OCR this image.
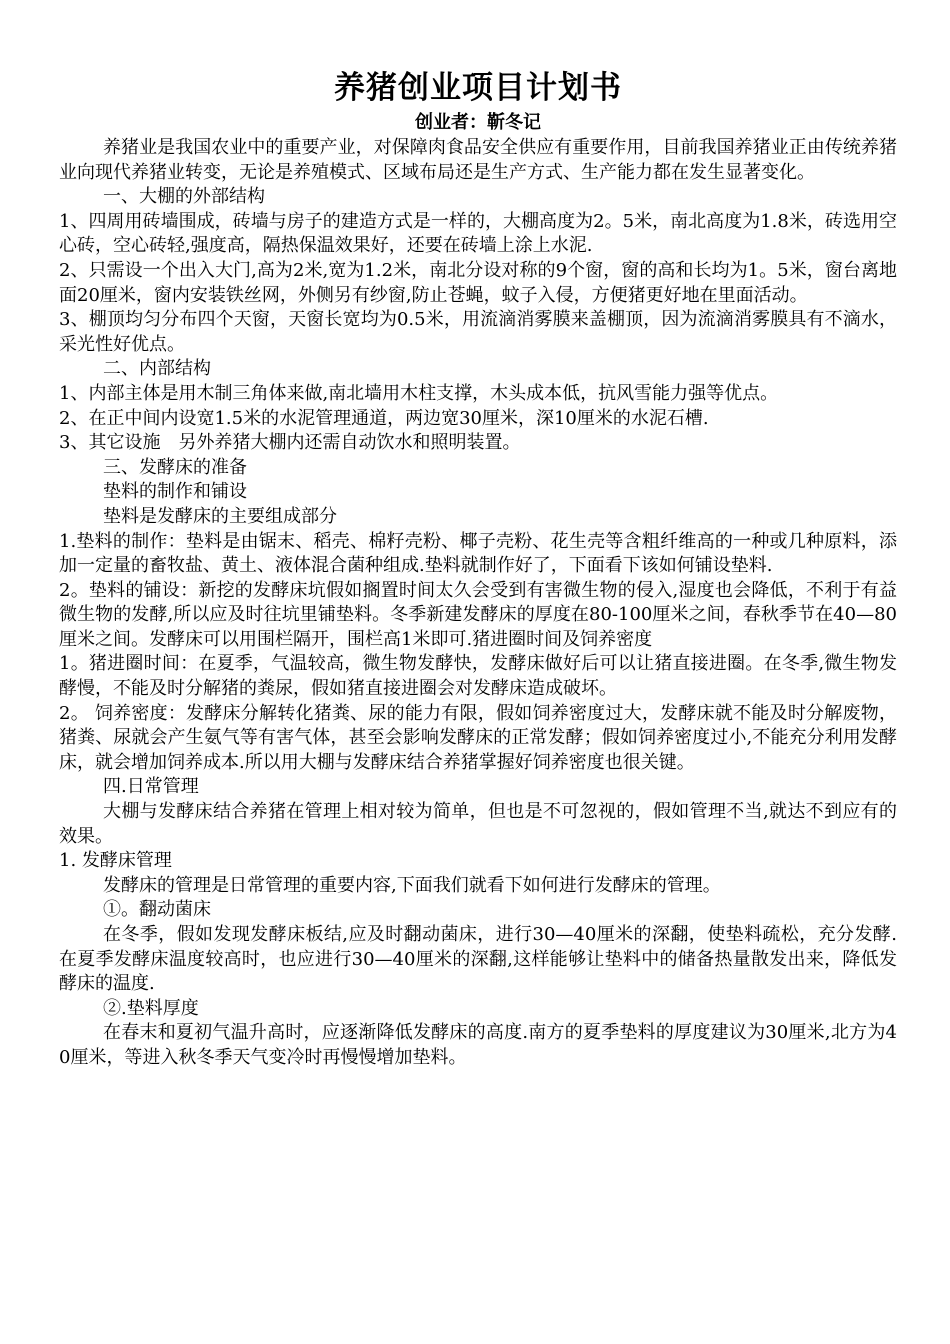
养猪创业项目计划书
创业者：靳冬记

养猪业是我国农业中的重要产业，对保障肉食品安全供应有重要作用，目前我国养猪业正由传统养猪业向现代养猪业转变，无论是养殖模式、区域布局还是生产方式、生产能力都在发生显著变化。

一、大棚的外部结构

1、四周用砖墙围成，砖墙与房子的建造方式是一样的，大棚高度为2。5米，南北高度为1.8米，砖选用空心砖，空心砖轻,强度高，隔热保温效果好，还要在砖墙上涂上水泥.

2、只需设一个出入大门,高为2米,宽为1.2米，南北分设对称的9个窗，窗的高和长均为1。5米，窗台离地面20厘米，窗内安装铁丝网，外侧另有纱窗,防止苍蝇，蚊子入侵，方便猪更好地在里面活动。

3、棚顶均匀分布四个天窗，天窗长宽均为0.5米，用流滴消雾膜来盖棚顶，因为流滴消雾膜具有不滴水，采光性好优点。

二、内部结构

1、内部主体是用木制三角体来做,南北墙用木柱支撑，木头成本低，抗风雪能力强等优点。

2、在正中间内设宽1.5米的水泥管理通道，两边宽30厘米，深10厘米的水泥石槽.

3、其它设施　另外养猪大棚内还需自动饮水和照明装置。

三、发酵床的准备

垫料的制作和铺设

垫料是发酵床的主要组成部分

1.垫料的制作：垫料是由锯末、稻壳、棉籽壳粉、椰子壳粉、花生壳等含粗纤维高的一种或几种原料，添加一定量的畜牧盐、黄土、液体混合菌种组成.垫料就制作好了，下面看下该如何铺设垫料.

2。垫料的铺设：新挖的发酵床坑假如搁置时间太久会受到有害微生物的侵入,湿度也会降低，不利于有益微生物的发酵,所以应及时往坑里铺垫料。冬季新建发酵床的厚度在80-100厘米之间，春秋季节在40—80厘米之间。发酵床可以用围栏隔开，围栏高1米即可.猪进圈时间及饲养密度

1。猪进圈时间：在夏季，气温较高，微生物发酵快，发酵床做好后可以让猪直接进圈。在冬季,微生物发酵慢，不能及时分解猪的粪尿，假如猪直接进圈会对发酵床造成破坏。

2。 饲养密度：发酵床分解转化猪粪、尿的能力有限，假如饲养密度过大，发酵床就不能及时分解废物，猪粪、尿就会产生氨气等有害气体，甚至会影响发酵床的正常发酵；假如饲养密度过小,不能充分利用发酵床，就会增加饲养成本.所以用大棚与发酵床结合养猪掌握好饲养密度也很关键。

四.日常管理

大棚与发酵床结合养猪在管理上相对较为简单，但也是不可忽视的，假如管理不当,就达不到应有的效果。

1. 发酵床管理

发酵床的管理是日常管理的重要内容,下面我们就看下如何进行发酵床的管理。

①。翻动菌床

在冬季，假如发现发酵床板结,应及时翻动菌床，进行30—40厘米的深翻，使垫料疏松，充分发酵.在夏季发酵床温度较高时，也应进行30—40厘米的深翻,这样能够让垫料中的储备热量散发出来，降低发酵床的温度.

②.垫料厚度

在春末和夏初气温升高时，应逐渐降低发酵床的高度.南方的夏季垫料的厚度建议为30厘米,北方为40厘米，等进入秋冬季天气变冷时再慢慢增加垫料。
